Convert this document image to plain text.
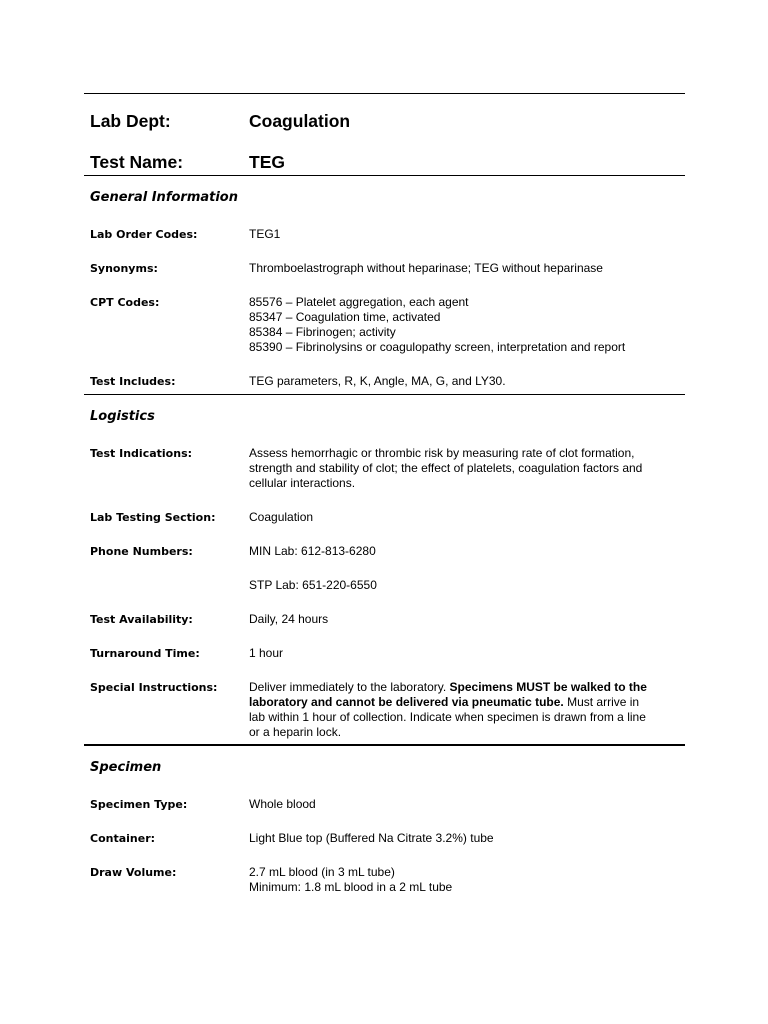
Lab Dept:	Coagulation
Test Name:	TEG
General Information
Lab Order Codes:	TEG1
Synonyms:	Thromboelastrograph without heparinase; TEG without heparinase
CPT Codes:	85576 – Platelet aggregation, each agent
85347 – Coagulation time, activated
85384 – Fibrinogen; activity
85390 – Fibrinolysins or coagulopathy screen, interpretation and report
Test Includes:	TEG parameters, R, K, Angle, MA, G, and LY30.
Logistics
Test Indications:	Assess hemorrhagic or thrombic risk by measuring rate of clot formation,
strength and stability of clot; the effect of platelets, coagulation factors and
cellular interactions.
Lab Testing Section:	Coagulation
Phone Numbers:	MIN Lab: 612-813-6280
STP Lab: 651-220-6550
Test Availability:	Daily, 24 hours
Turnaround Time:	1 hour
Special Instructions:	Deliver immediately to the laboratory. Specimens MUST be walked to the
laboratory and cannot be delivered via pneumatic tube. Must arrive in
lab within 1 hour of collection. Indicate when specimen is drawn from a line
or a heparin lock.
Specimen
Specimen Type:	Whole blood
Container:	Light Blue top (Buffered Na Citrate 3.2%) tube
Draw Volume:	2.7 mL blood (in 3 mL tube)
Minimum: 1.8 mL blood in a 2 mL tube
